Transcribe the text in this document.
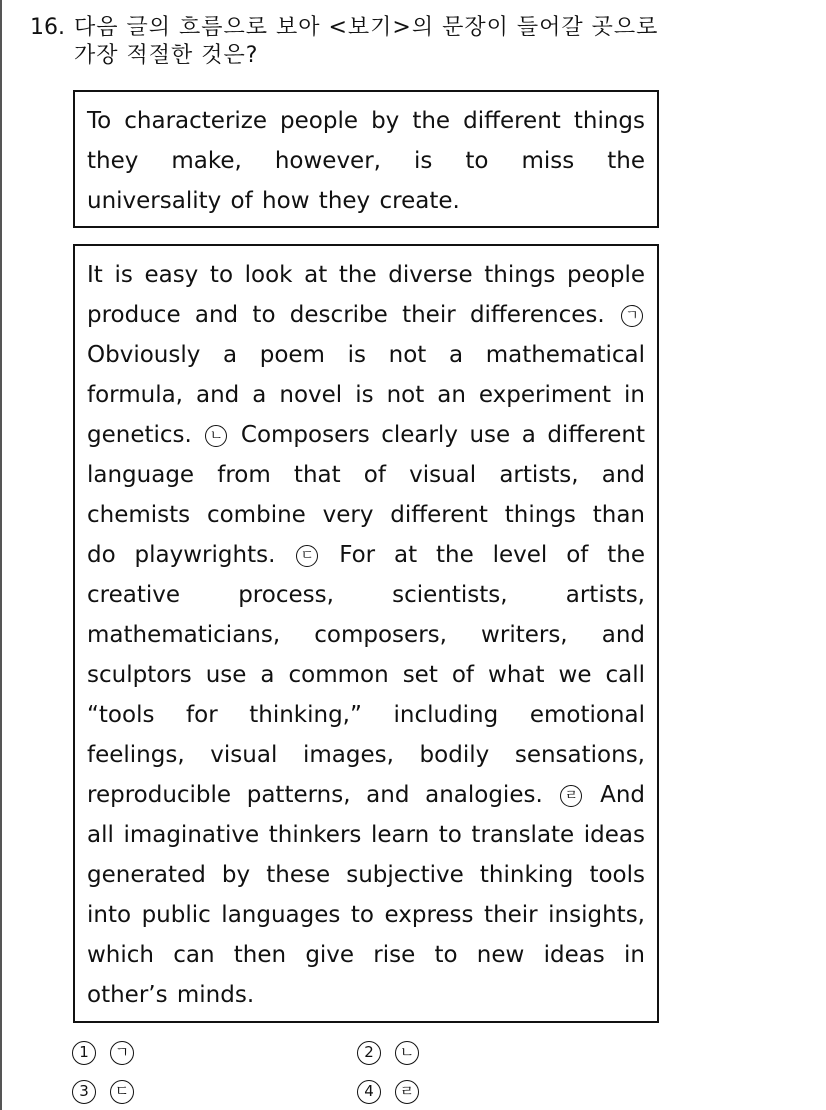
16. 다음 글의 흐름으로 보아 <보기>의 문장이 들어갈 곳으로
가장 적절한 것은?

To characterize people by the different things they make, however, is to miss the universality of how they create.

It is easy to look at the diverse things people produce and to describe their differences. ㄱ Obviously a poem is not a mathematical formula, and a novel is not an experiment in genetics. ㄴ Composers clearly use a different language from that of visual artists, and chemists combine very different things than do playwrights. ㄷ For at the level of the creative process, scientists, artists, mathematicians, composers, writers, and sculptors use a common set of what we call “tools for thinking,” including emotional feelings, visual images, bodily sensations, reproducible patterns, and analogies. ㄹ And all imaginative thinkers learn to translate ideas generated by these subjective thinking tools into public languages to express their insights, which can then give rise to new ideas in other’s minds.

1	ㄱ	2	ㄴ
3	ㄷ	4	ㄹ
